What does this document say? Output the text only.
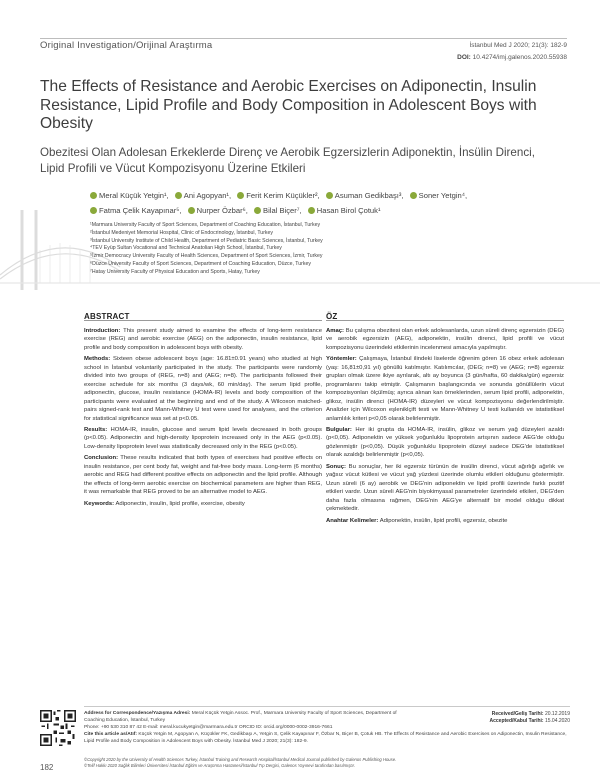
Original Investigation/Orijinal Araştırma	İstanbul Med J 2020; 21(3): 182-9
DOI: 10.4274/imj.galenos.2020.55938
The Effects of Resistance and Aerobic Exercises on Adiponectin, Insulin Resistance, Lipid Profile and Body Composition in Adolescent Boys with Obesity
Obezitesi Olan Adolesan Erkeklerde Direnç ve Aerobik Egzersizlerin Adiponektin, İnsülin Direnci, Lipid Profili ve Vücut Kompozisyonu Üzerine Etkileri
Meral Küçük Yetgin¹, Ani Agopyan¹, Ferit Kerim Küçükler², Asuman Gedikbaşı³, Soner Yetgin⁴,
Fatma Çelik Kayapınar⁵, Nurper Özbar⁶, Bilal Biçer⁷, Hasan Birol Çotuk¹
¹Marmara University Faculty of Sport Sciences, Department of Coaching Education, İstanbul, Turkey
²İstanbul Medeniyet Memorial Hospital, Clinic of Endocrinology, İstanbul, Turkey
³İstanbul University Institute of Child Health, Department of Pediatric Basic Sciences, İstanbul, Turkey
⁴TEV Eyüp Sultan Vocational and Technical Anatolian High School, İstanbul, Turkey
⁵İzmir Democracy University Faculty of Health Sciences, Department of Sport Sciences, İzmir, Turkey
⁶Düzce University Faculty of Sport Sciences, Department of Coaching Education, Düzce, Turkey
⁷Hatay University Faculty of Physical Education and Sports, Hatay, Turkey
ABSTRACT

Introduction: This present study aimed to examine the effects of long-term resistance exercise (REG) and aerobic exercise (AEG) on the adiponectin, insulin resistance, lipid profile and body composition in adolescent boys with obesity.

Methods: Sixteen obese adolescent boys (age: 16.81±0.91 years) who studied at high school in İstanbul voluntarily participated in the study. The participants were randomly divided into two groups of (REG, n=8) and (AEG; n=8). The participants followed their exercise schedule for six months (3 days/wk, 60 min/day). The serum lipid profile, adiponectin, glucose, insulin resistance (HOMA-IR) levels and body composition of the participants were evaluated at the beginning and end of the study. A Wilcoxon matched-pairs signed-rank test and Mann-Whitney U test were used for analyses, and the criterion for statistical significance was set at p<0.05.

Results: HOMA-IR, insulin, glucose and serum lipid levels decreased in both groups (p<0.05). Adiponectin and high-density lipoprotein increased only in the AEG (p<0.05). Low-density lipoprotein level was statistically decreased only in the REG (p<0.05).

Conclusion: These results indicated that both types of exercises had positive effects on insulin resistance, per cent body fat, weight and fat-free body mass. Long-term (6 months) aerobic and REG had different positive effects on adiponectin and the lipid profile. Although the effects of long-term aerobic exercise on biochemical parameters are higher than REG, it was remarkable that REG proved to be an alternative model to AEG.

Keywords: Adiponectin, insulin, lipid profile, exercise, obesity

ÖZ

Amaç: Bu çalışma obezitesi olan erkek adolesanlarda, uzun süreli direnç egzersizin (DEG) ve aerobik egzersizin (AEG), adiponektin, insülin direnci, lipid profili ve vücut kompozisyonu üzerindeki etkilerinin incelenmesi amacıyla yapılmıştır.

Yöntemler: Çalışmaya, İstanbul ilindeki liselerde öğrenim gören 16 obez erkek adolesan (yaş: 16,81±0,91 yıl) gönüllü katılmıştır. Katılımcılar, (DEG; n=8) ve (AEG; n=8) egzersiz grupları olmak üzere ikiye ayrılarak, altı ay boyunca (3 gün/hafta, 60 dakika/gün) egzersiz programlarını takip etmiştir. Çalışmanın başlangıcında ve sonunda gönüllülerin vücut kompozisyonları ölçülmüş; ayrıca alınan kan örneklerinden, serum lipid profili, adiponektin, glikoz, insülin direnci (HOMA-IR) düzeyleri ve vücut kompozisyonu değerlendirilmiştir. Analizler için Wilcoxon eşleniklçift testi ve Mann-Whitney U testi kullanıldı ve istatistiksel anlamlılık kriteri p<0,05 olarak belirlenmiştir.

Bulgular: Her iki grupta da HOMA-IR, insülin, glikoz ve serum yağ düzeyleri azaldı (p<0,05). Adiponektin ve yüksek yoğunluklu lipoprotein artışının sadece AEG'de olduğu gözlenmiştir (p<0,05). Düşük yoğunluklu lipoprotein düzeyi sadece DEG'de istatistiksel olarak azaldığı belirlenmiştir (p<0,05).

Sonuç: Bu sonuçlar, her iki egzersiz türünün de insülin direnci, vücut ağırlığı ağırlık ve yağsız vücut kütlesi ve vücut yağ yüzdesi üzerinde olumlu etkileri olduğunu göstermiştir. Uzun süreli (6 ay) aerobik ve DEG'nin adiponektin ve lipid profili üzerinde farklı pozitif etkileri vardır. Uzun süreli AEG'nin biyokimyasal parametreler üzerindeki etkileri, DEG'den daha fazla olmasına rağmen, DEG'nin AEG'ye alternatif bir model olduğu dikkat çekmektedir.

Anahtar Kelimeler: Adiponektin, insülin, lipid profili, egzersiz, obezite

Address for Correspondence/Yazışma Adresi: Meral Küçük Yetgin Assoc. Prof., Marmara University Faculty of Sport Sciences, Department of Coaching Education, İstanbul, Turkey
Phone: +90 530 310 87 42 E-mail: meral.kucukyetgin@marmara.edu.tr ORCID ID: orcid.org/0000-0002-3916-7661
Received/Geliş Tarihi: 20.12.2019
Accepted/Kabul Tarihi: 15.04.2020
Cite this article as/Atıf: Küçük Yetgin M, Agopyan A, Küçükler FK, Gedikbaşı A, Yetgin S, Çelik Kayapınar F, Özbar N, Biçer B, Çotuk HB. The Effects of Resistance and Aerobic Exercises on Adiponectin, Insulin Resistance, Lipid Profile and Body Composition in Adolescent Boys with Obesity. İstanbul Med J 2020; 21(3): 182-9.
©Copyright 2020 by the University of Health Sciences Turkey, İstanbul Training and Research Hospital/İstanbul Medical Journal published by Galenos Publishing House.
©Telif Hakkı 2020 Sağlık Bilimleri Üniversitesi İstanbul Eğitim ve Araştırma Hastanesi/İstanbul Tıp Dergisi, Galenos Yayınevi tarafından basılmıştır.
182
